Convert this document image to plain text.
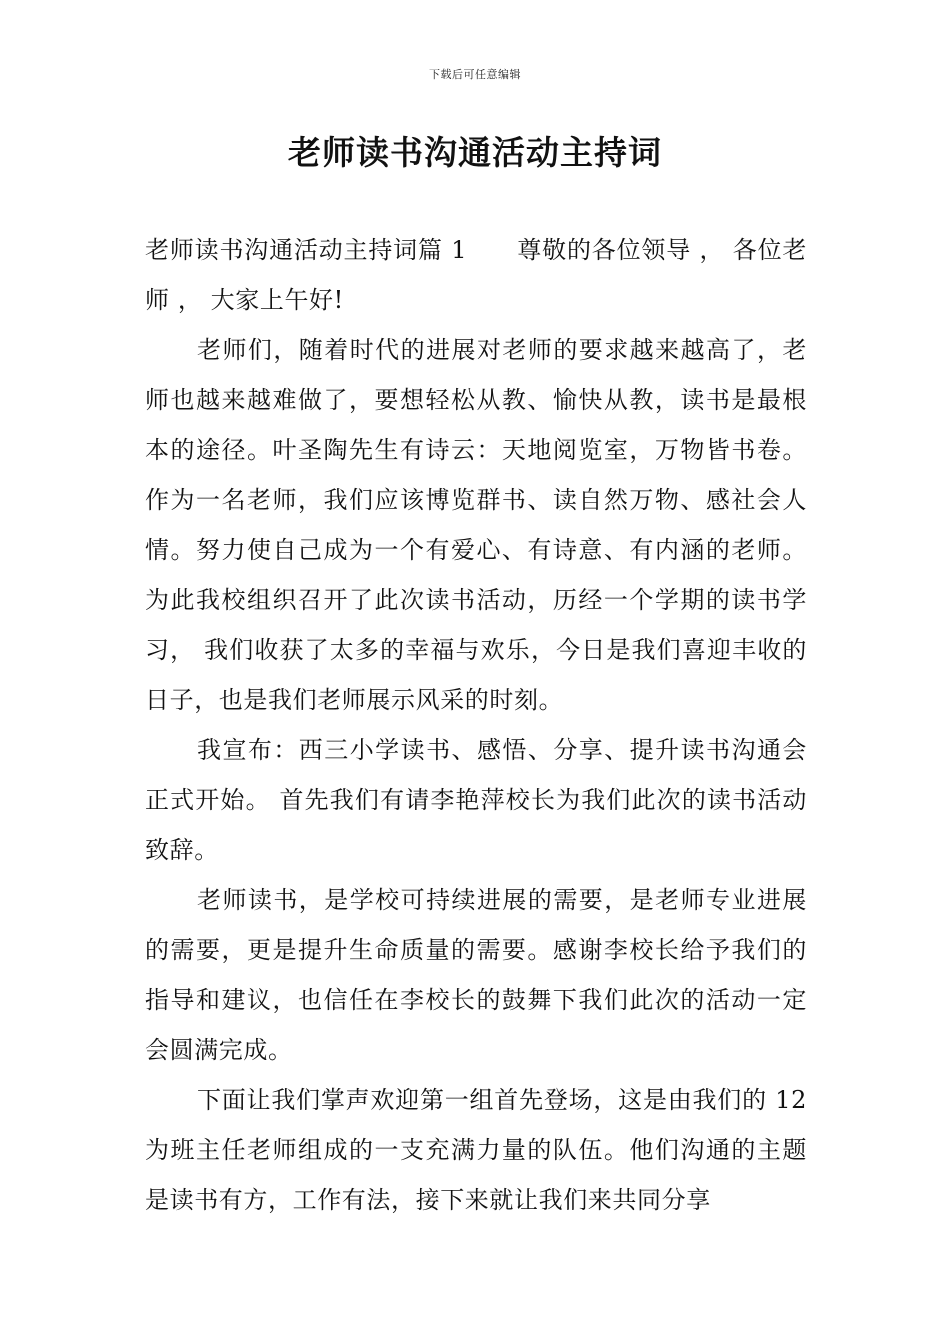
下载后可任意编辑
老师读书沟通活动主持词

老师读书沟通活动主持词篇 1 尊敬的各位领导 ， 各位老师 ， 大家上午好!

老师们，随着时代的进展对老师的要求越来越高了，老师也越来越难做了，要想轻松从教、愉快从教，读书是最根本的途径。叶圣陶先生有诗云：天地阅览室，万物皆书卷。作为一名老师，我们应该博览群书、读自然万物、感社会人情。努力使自己成为一个有爱心、有诗意、有内涵的老师。为此我校组织召开了此次读书活动，历经一个学期的读书学习， 我们收获了太多的幸福与欢乐，今日是我们喜迎丰收的日子，也是我们老师展示风采的时刻。

我宣布：西三小学读书、感悟、分享、提升读书沟通会正式开始。 首先我们有请李艳萍校长为我们此次的读书活动致辞。

老师读书，是学校可持续进展的需要，是老师专业进展的需要，更是提升生命质量的需要。感谢李校长给予我们的指导和建议，也信任在李校长的鼓舞下我们此次的活动一定会圆满完成。

下面让我们掌声欢迎第一组首先登场，这是由我们的 12 为班主任老师组成的一支充满力量的队伍。他们沟通的主题是读书有方，工作有法，接下来就让我们来共同分享
